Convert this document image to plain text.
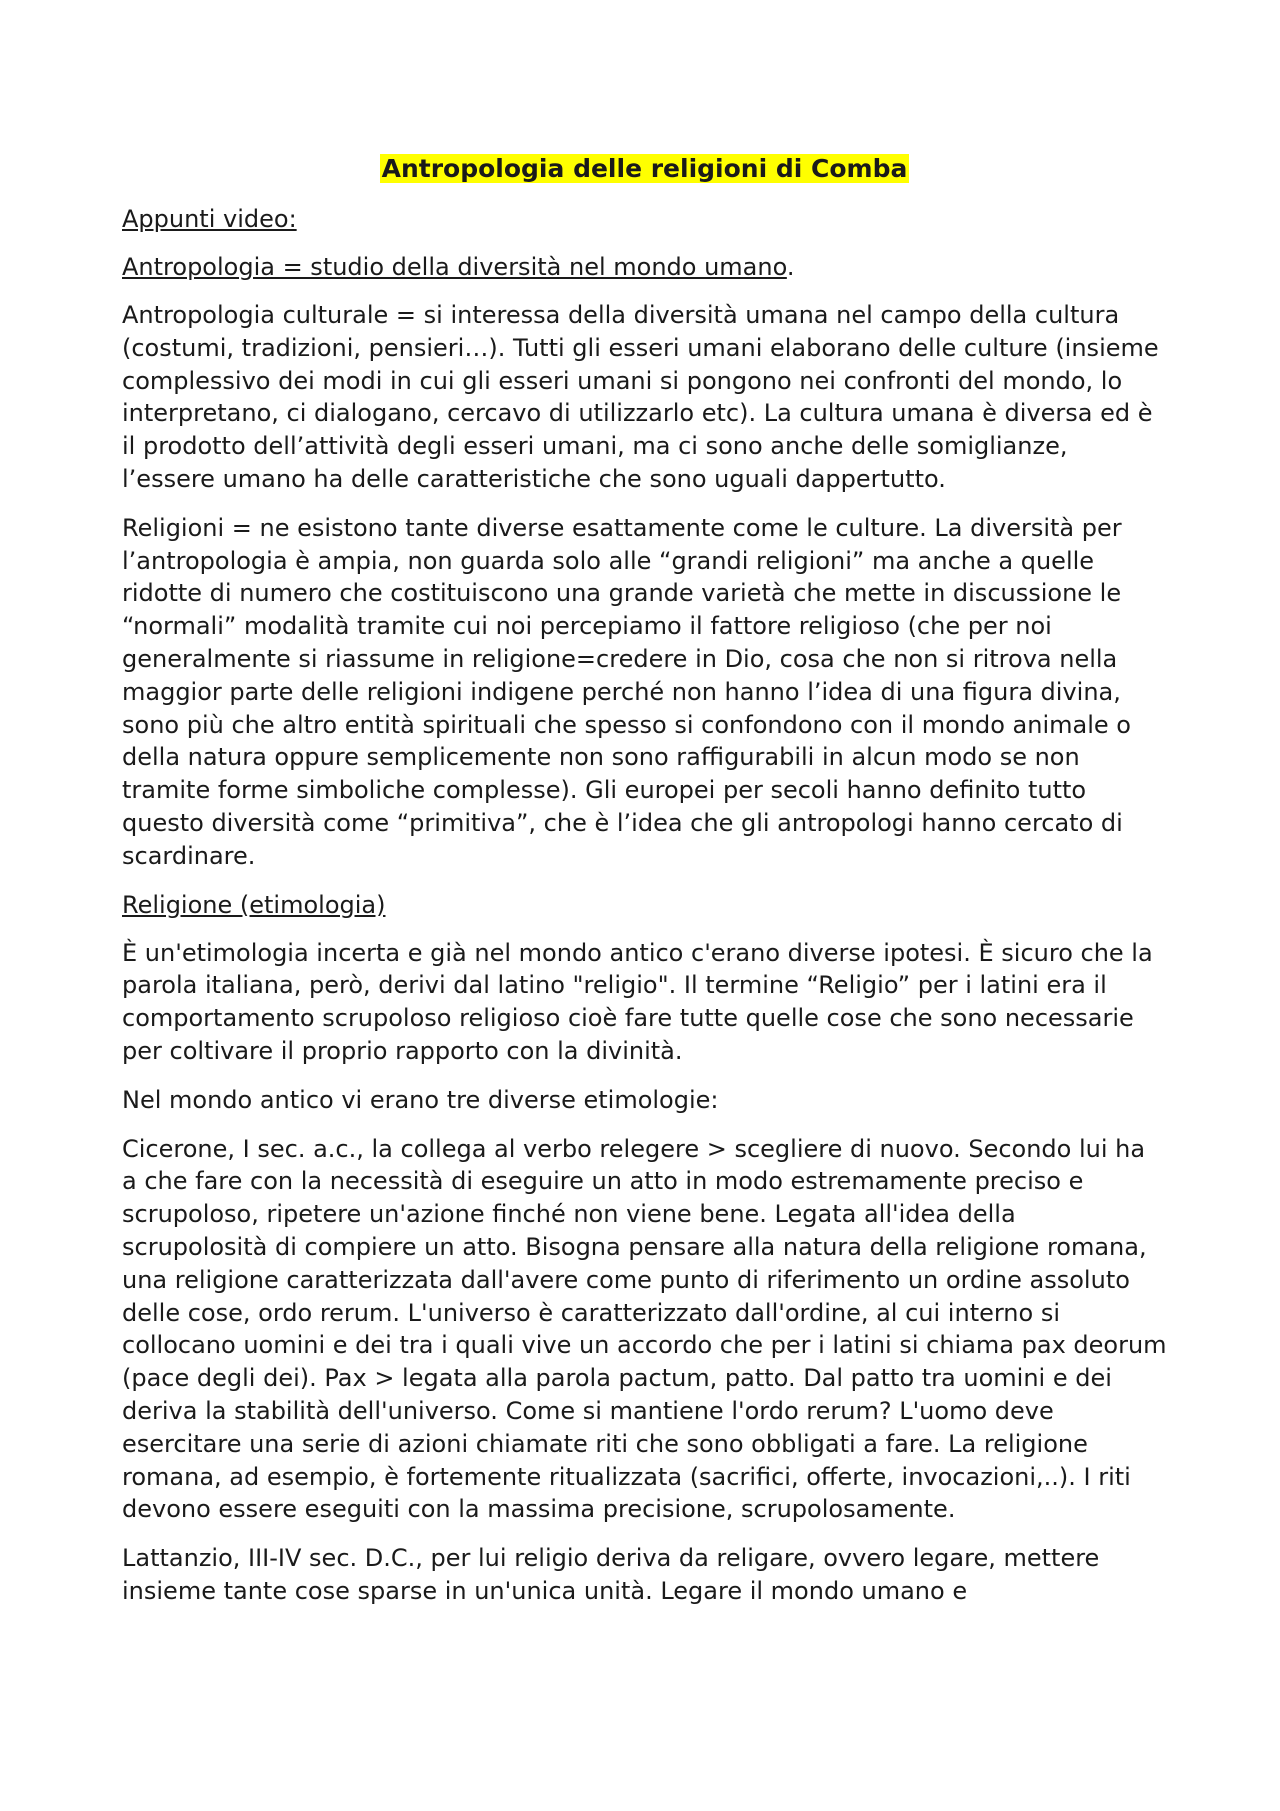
Antropologia delle religioni di Comba
Appunti video:
Antropologia = studio della diversità nel mondo umano.

Antropologia culturale = si interessa della diversità umana nel campo della cultura (costumi, tradizioni, pensieri…). Tutti gli esseri umani elaborano delle culture (insieme complessivo dei modi in cui gli esseri umani si pongono nei confronti del mondo, lo interpretano, ci dialogano, cercavo di utilizzarlo etc). La cultura umana è diversa ed è il prodotto dell’attività degli esseri umani, ma ci sono anche delle somiglianze, l’essere umano ha delle caratteristiche che sono uguali dappertutto.

Religioni = ne esistono tante diverse esattamente come le culture. La diversità per l’antropologia è ampia, non guarda solo alle “grandi religioni” ma anche a quelle ridotte di numero che costituiscono una grande varietà che mette in discussione le “normali” modalità tramite cui noi percepiamo il fattore religioso (che per noi generalmente si riassume in religione=credere in Dio, cosa che non si ritrova nella maggior parte delle religioni indigene perché non hanno l’idea di una figura divina, sono più che altro entità spirituali che spesso si confondono con il mondo animale o della natura oppure semplicemente non sono raffigurabili in alcun modo se non tramite forme simboliche complesse). Gli europei per secoli hanno definito tutto questo diversità come “primitiva”, che è l’idea che gli antropologi hanno cercato di scardinare.

Religione (etimologia)

È un'etimologia incerta e già nel mondo antico c'erano diverse ipotesi. È sicuro che la parola italiana, però, derivi dal latino "religio". Il termine “Religio” per i latini era il comportamento scrupoloso religioso cioè fare tutte quelle cose che sono necessarie per coltivare il proprio rapporto con la divinità.

Nel mondo antico vi erano tre diverse etimologie:

Cicerone, I sec. a.c., la collega al verbo relegere > scegliere di nuovo. Secondo lui ha a che fare con la necessità di eseguire un atto in modo estremamente preciso e scrupoloso, ripetere un'azione finché non viene bene. Legata all'idea della scrupolosità di compiere un atto. Bisogna pensare alla natura della religione romana, una religione caratterizzata dall'avere come punto di riferimento un ordine assoluto delle cose, ordo rerum. L'universo è caratterizzato dall'ordine, al cui interno si collocano uomini e dei tra i quali vive un accordo che per i latini si chiama pax deorum (pace degli dei). Pax > legata alla parola pactum, patto. Dal patto tra uomini e dei deriva la stabilità dell'universo. Come si mantiene l'ordo rerum? L'uomo deve esercitare una serie di azioni chiamate riti che sono obbligati a fare. La religione romana, ad esempio, è fortemente ritualizzata (sacrifici, offerte, invocazioni,..). I riti devono essere eseguiti con la massima precisione, scrupolosamente.

Lattanzio, III-IV sec. D.C., per lui religio deriva da religare, ovvero legare, mettere insieme tante cose sparse in un'unica unità. Legare il mondo umano e
